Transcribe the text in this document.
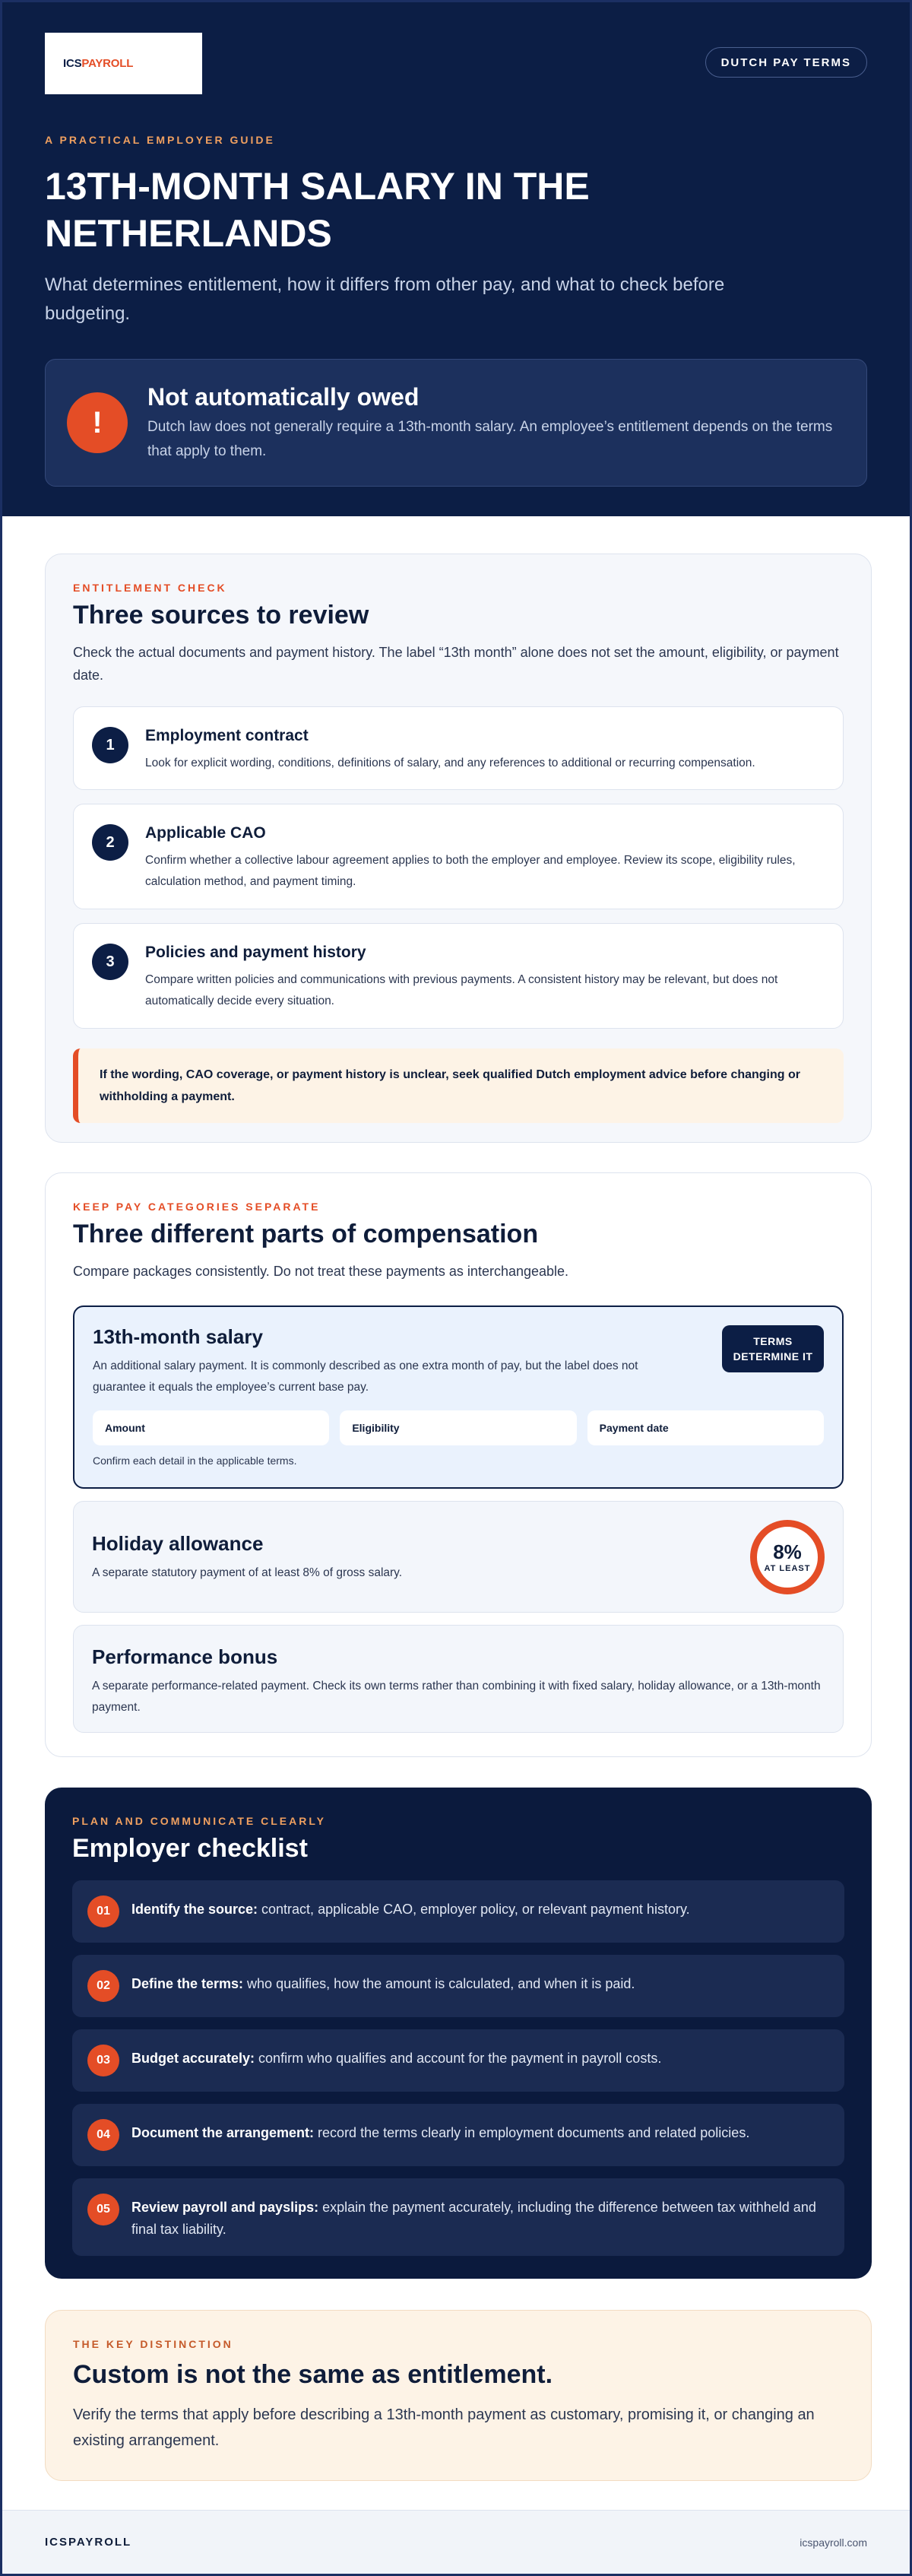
ICS PAYROLL	DUTCH PAY TERMS
A PRACTICAL EMPLOYER GUIDE
13TH-MONTH SALARY IN THE NETHERLANDS

What determines entitlement, how it differs from other pay, and what to check before budgeting.

!
Not automatically owed
Dutch law does not generally require a 13th-month salary. An employee’s entitlement depends on the terms that apply to them.
ENTITLEMENT CHECK
Three sources to review

Check the actual documents and payment history. The label “13th month” alone does not set the amount, eligibility, or payment date.

1
Employment contract
Look for explicit wording, conditions, definitions of salary, and any references to additional or recurring compensation.
2
Applicable CAO
Confirm whether a collective labour agreement applies to both the employer and employee. Review its scope, eligibility rules, calculation method, and payment timing.
3
Policies and payment history
Compare written policies and communications with previous payments. A consistent history may be relevant, but does not automatically decide every situation.
If the wording, CAO coverage, or payment history is unclear, seek qualified Dutch employment advice before changing or withholding a payment.
KEEP PAY CATEGORIES SEPARATE
Three different parts of compensation

Compare packages consistently. Do not treat these payments as interchangeable.

13th-month salary
An additional salary payment. It is commonly described as one extra month of pay, but the label does not guarantee it equals the employee’s current base pay.
TERMS DETERMINE IT
Amount	Eligibility	Payment date
Confirm each detail in the applicable terms.
Holiday allowance
A separate statutory payment of at least 8% of gross salary.
8%
AT LEAST
Performance bonus
A separate performance-related payment. Check its own terms rather than combining it with fixed salary, holiday allowance, or a 13th-month payment.
PLAN AND COMMUNICATE CLEARLY
Employer checklist
01	Identify the source: contract, applicable CAO, employer policy, or relevant payment history.
02	Define the terms: who qualifies, how the amount is calculated, and when it is paid.
03	Budget accurately: confirm who qualifies and account for the payment in payroll costs.
04	Document the arrangement: record the terms clearly in employment documents and related policies.
05	Review payroll and payslips: explain the payment accurately, including the difference between tax withheld and final tax liability.
THE KEY DISTINCTION
Custom is not the same as entitlement.

Verify the terms that apply before describing a 13th-month payment as customary, promising it, or changing an existing arrangement.

ICSPAYROLL	icspayroll.com
